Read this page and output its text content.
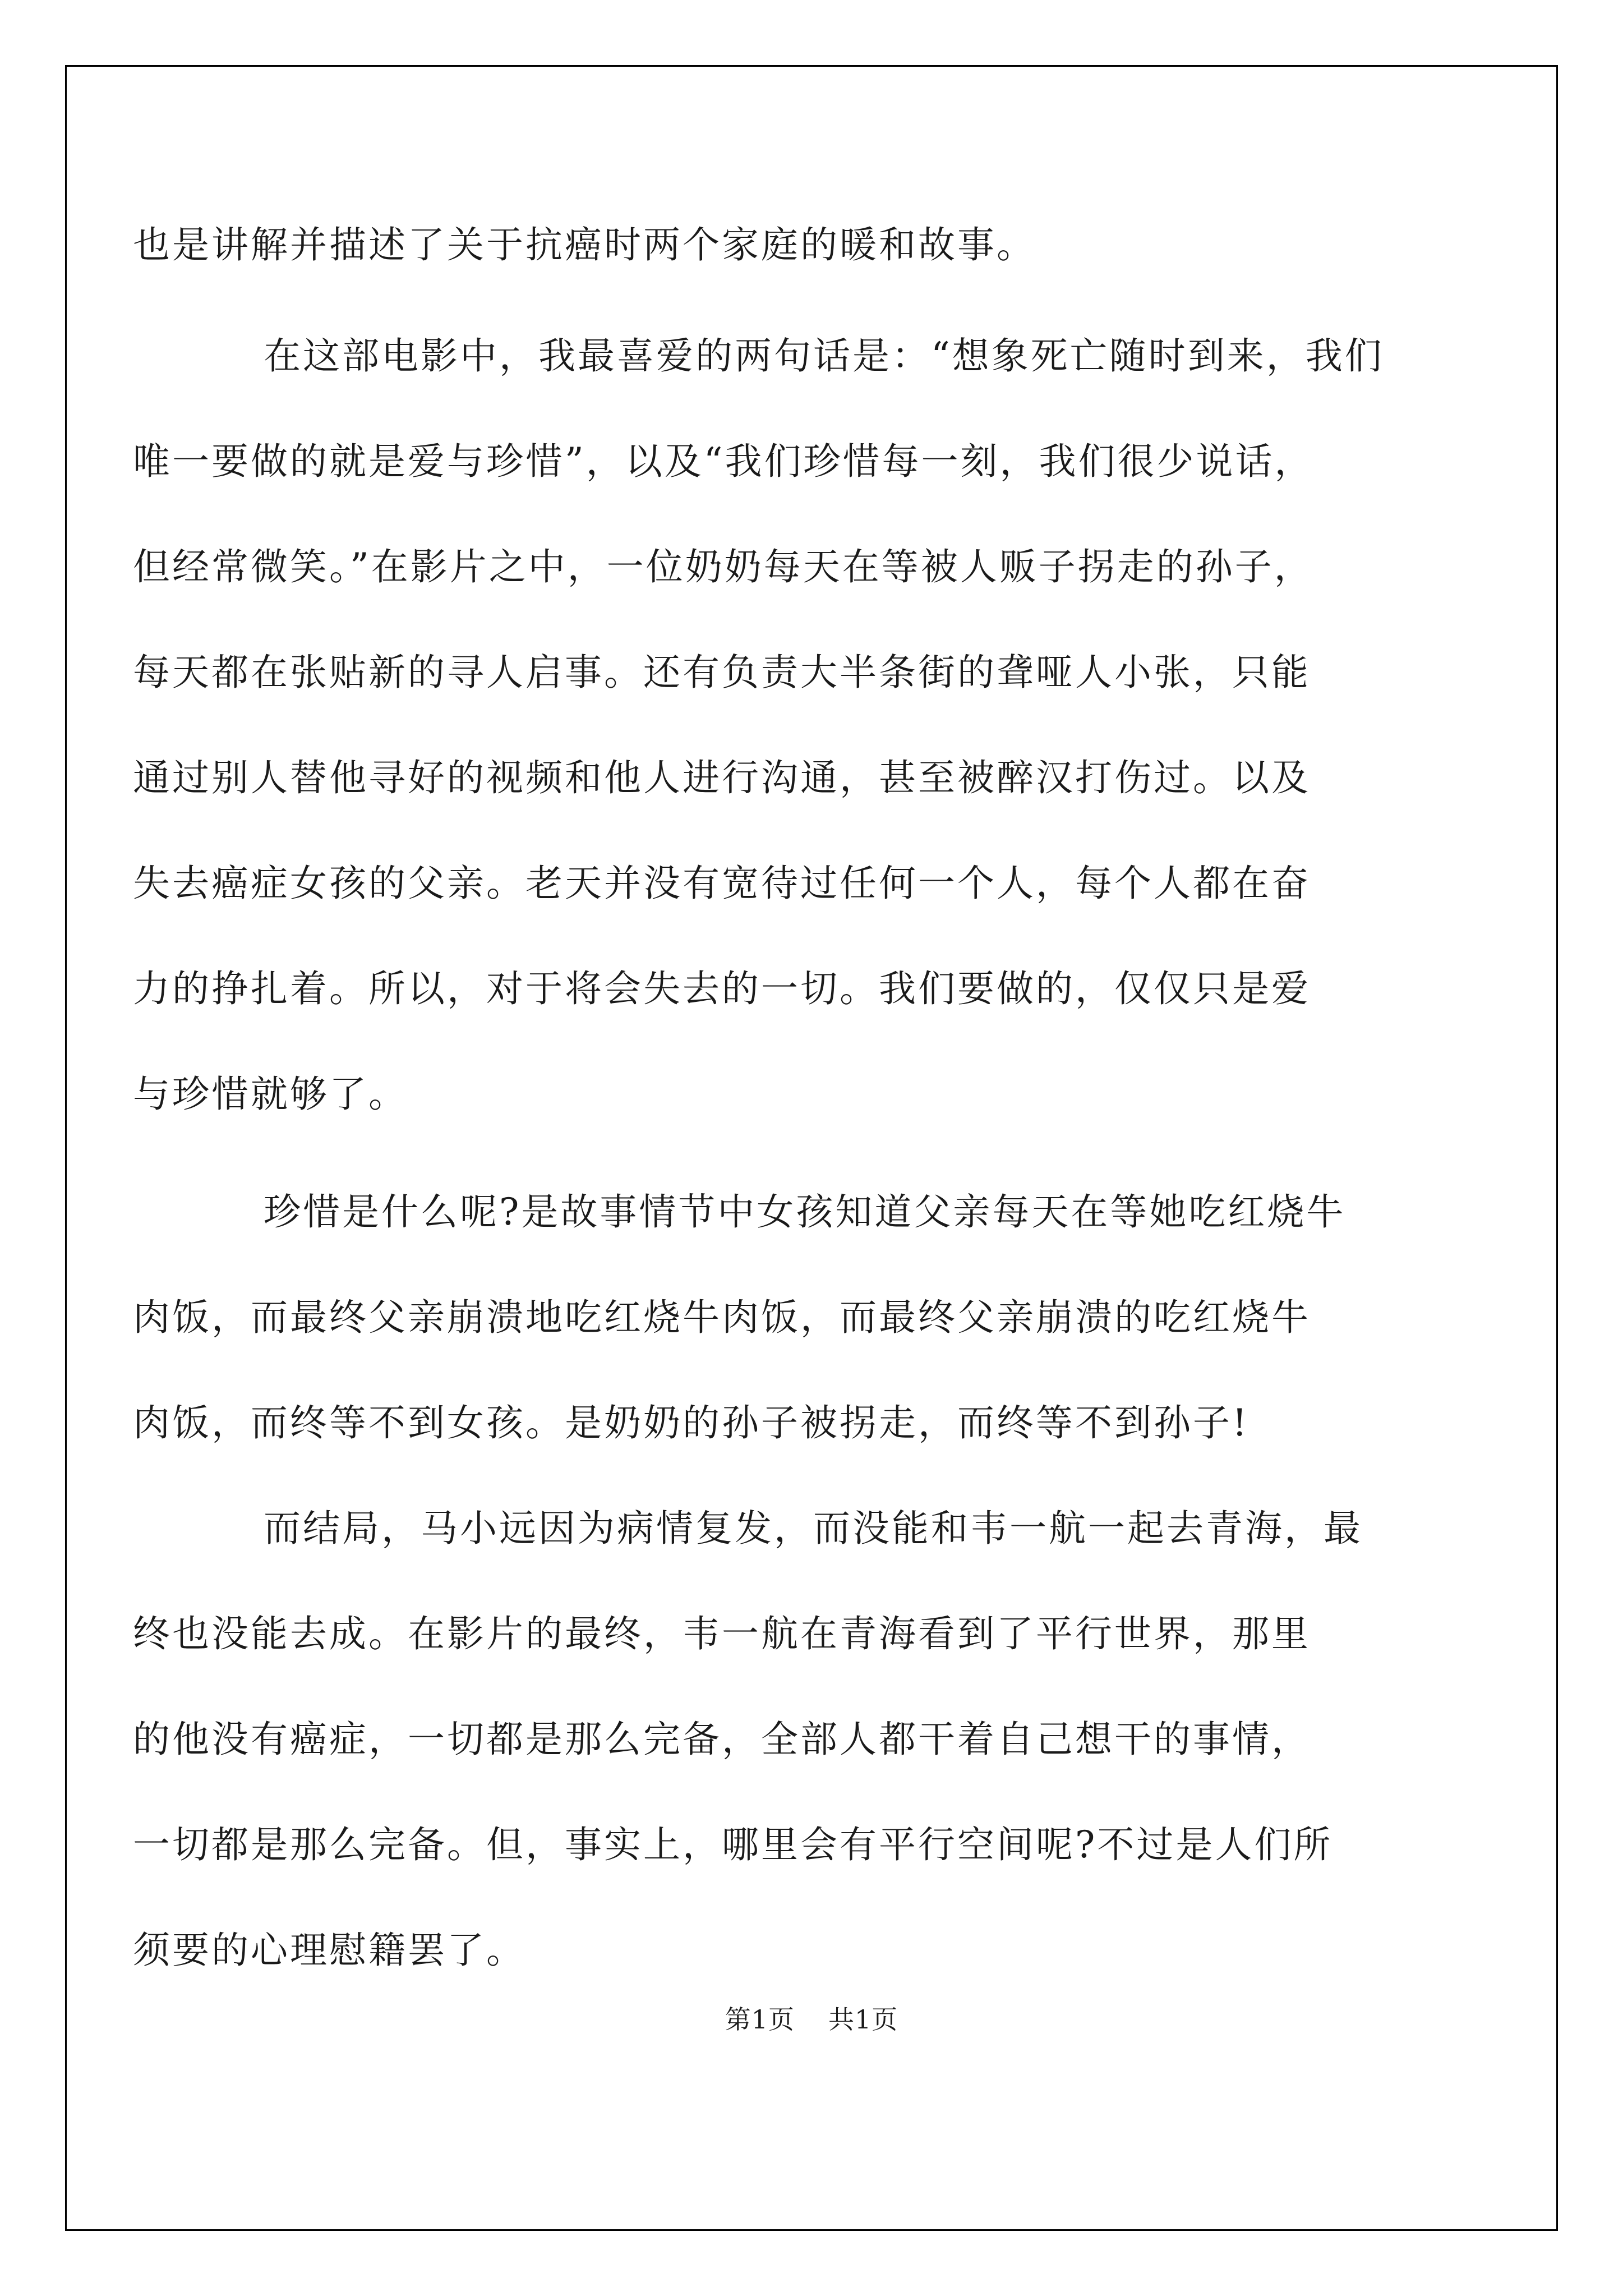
也是讲解并描述了关于抗癌时两个家庭的暖和故事。

在这部电影中，我最喜爱的两句话是：“想象死亡随时到来，我们

唯一要做的就是爱与珍惜”，以及“我们珍惜每一刻，我们很少说话，

但经常微笑。”在影片之中，一位奶奶每天在等被人贩子拐走的孙子，

每天都在张贴新的寻人启事。还有负责大半条街的聋哑人小张，只能

通过别人替他寻好的视频和他人进行沟通，甚至被醉汉打伤过。以及

失去癌症女孩的父亲。老天并没有宽待过任何一个人，每个人都在奋

力的挣扎着。所以，对于将会失去的一切。我们要做的，仅仅只是爱

与珍惜就够了。

珍惜是什么呢?是故事情节中女孩知道父亲每天在等她吃红烧牛

肉饭，而最终父亲崩溃地吃红烧牛肉饭，而最终父亲崩溃的吃红烧牛

肉饭，而终等不到女孩。是奶奶的孙子被拐走，而终等不到孙子!

而结局，马小远因为病情复发，而没能和韦一航一起去青海，最

终也没能去成。在影片的最终，韦一航在青海看到了平行世界，那里

的他没有癌症，一切都是那么完备，全部人都干着自己想干的事情，

一切都是那么完备。但，事实上，哪里会有平行空间呢?不过是人们所

须要的心理慰籍罢了。

第1页 共1页
